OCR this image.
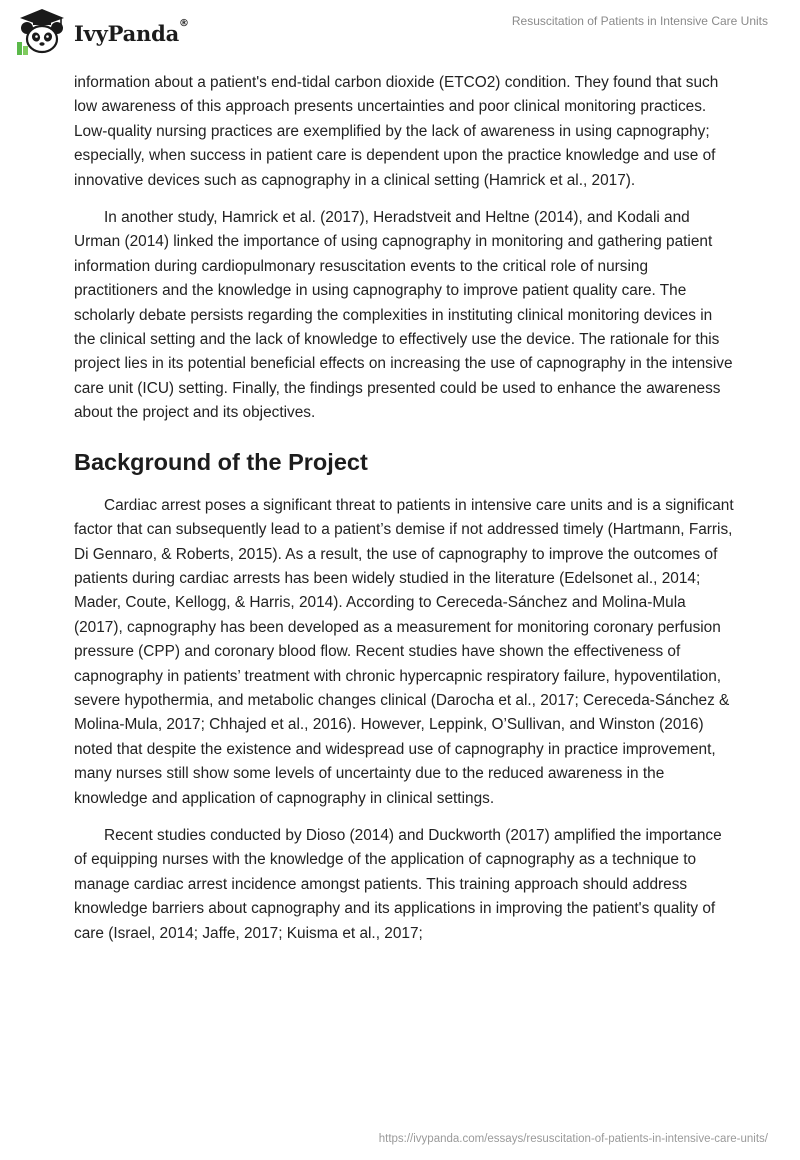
IvyPanda®	Resuscitation of Patients in Intensive Care Units

information about a patient's end-tidal carbon dioxide (ETCO2) condition. They found that such low awareness of this approach presents uncertainties and poor clinical monitoring practices. Low-quality nursing practices are exemplified by the lack of awareness in using capnography; especially, when success in patient care is dependent upon the practice knowledge and use of innovative devices such as capnography in a clinical setting (Hamrick et al., 2017).

In another study, Hamrick et al. (2017), Heradstveit and Heltne (2014), and Kodali and Urman (2014) linked the importance of using capnography in monitoring and gathering patient information during cardiopulmonary resuscitation events to the critical role of nursing practitioners and the knowledge in using capnography to improve patient quality care. The scholarly debate persists regarding the complexities in instituting clinical monitoring devices in the clinical setting and the lack of knowledge to effectively use the device. The rationale for this project lies in its potential beneficial effects on increasing the use of capnography in the intensive care unit (ICU) setting. Finally, the findings presented could be used to enhance the awareness about the project and its objectives.

Background of the Project

Cardiac arrest poses a significant threat to patients in intensive care units and is a significant factor that can subsequently lead to a patient’s demise if not addressed timely (Hartmann, Farris, Di Gennaro, & Roberts, 2015). As a result, the use of capnography to improve the outcomes of patients during cardiac arrests has been widely studied in the literature (Edelsonet al., 2014; Mader, Coute, Kellogg, & Harris, 2014). According to Cereceda-Sánchez and Molina-Mula (2017), capnography has been developed as a measurement for monitoring coronary perfusion pressure (CPP) and coronary blood flow. Recent studies have shown the effectiveness of capnography in patients’ treatment with chronic hypercapnic respiratory failure, hypoventilation, severe hypothermia, and metabolic changes clinical (Darocha et al., 2017; Cereceda-Sánchez & Molina-Mula, 2017; Chhajed et al., 2016). However, Leppink, O’Sullivan, and Winston (2016) noted that despite the existence and widespread use of capnography in practice improvement, many nurses still show some levels of uncertainty due to the reduced awareness in the knowledge and application of capnography in clinical settings.

Recent studies conducted by Dioso (2014) and Duckworth (2017) amplified the importance of equipping nurses with the knowledge of the application of capnography as a technique to manage cardiac arrest incidence amongst patients. This training approach should address knowledge barriers about capnography and its applications in improving the patient's quality of care (Israel, 2014; Jaffe, 2017; Kuisma et al., 2017;

https://ivypanda.com/essays/resuscitation-of-patients-in-intensive-care-units/
